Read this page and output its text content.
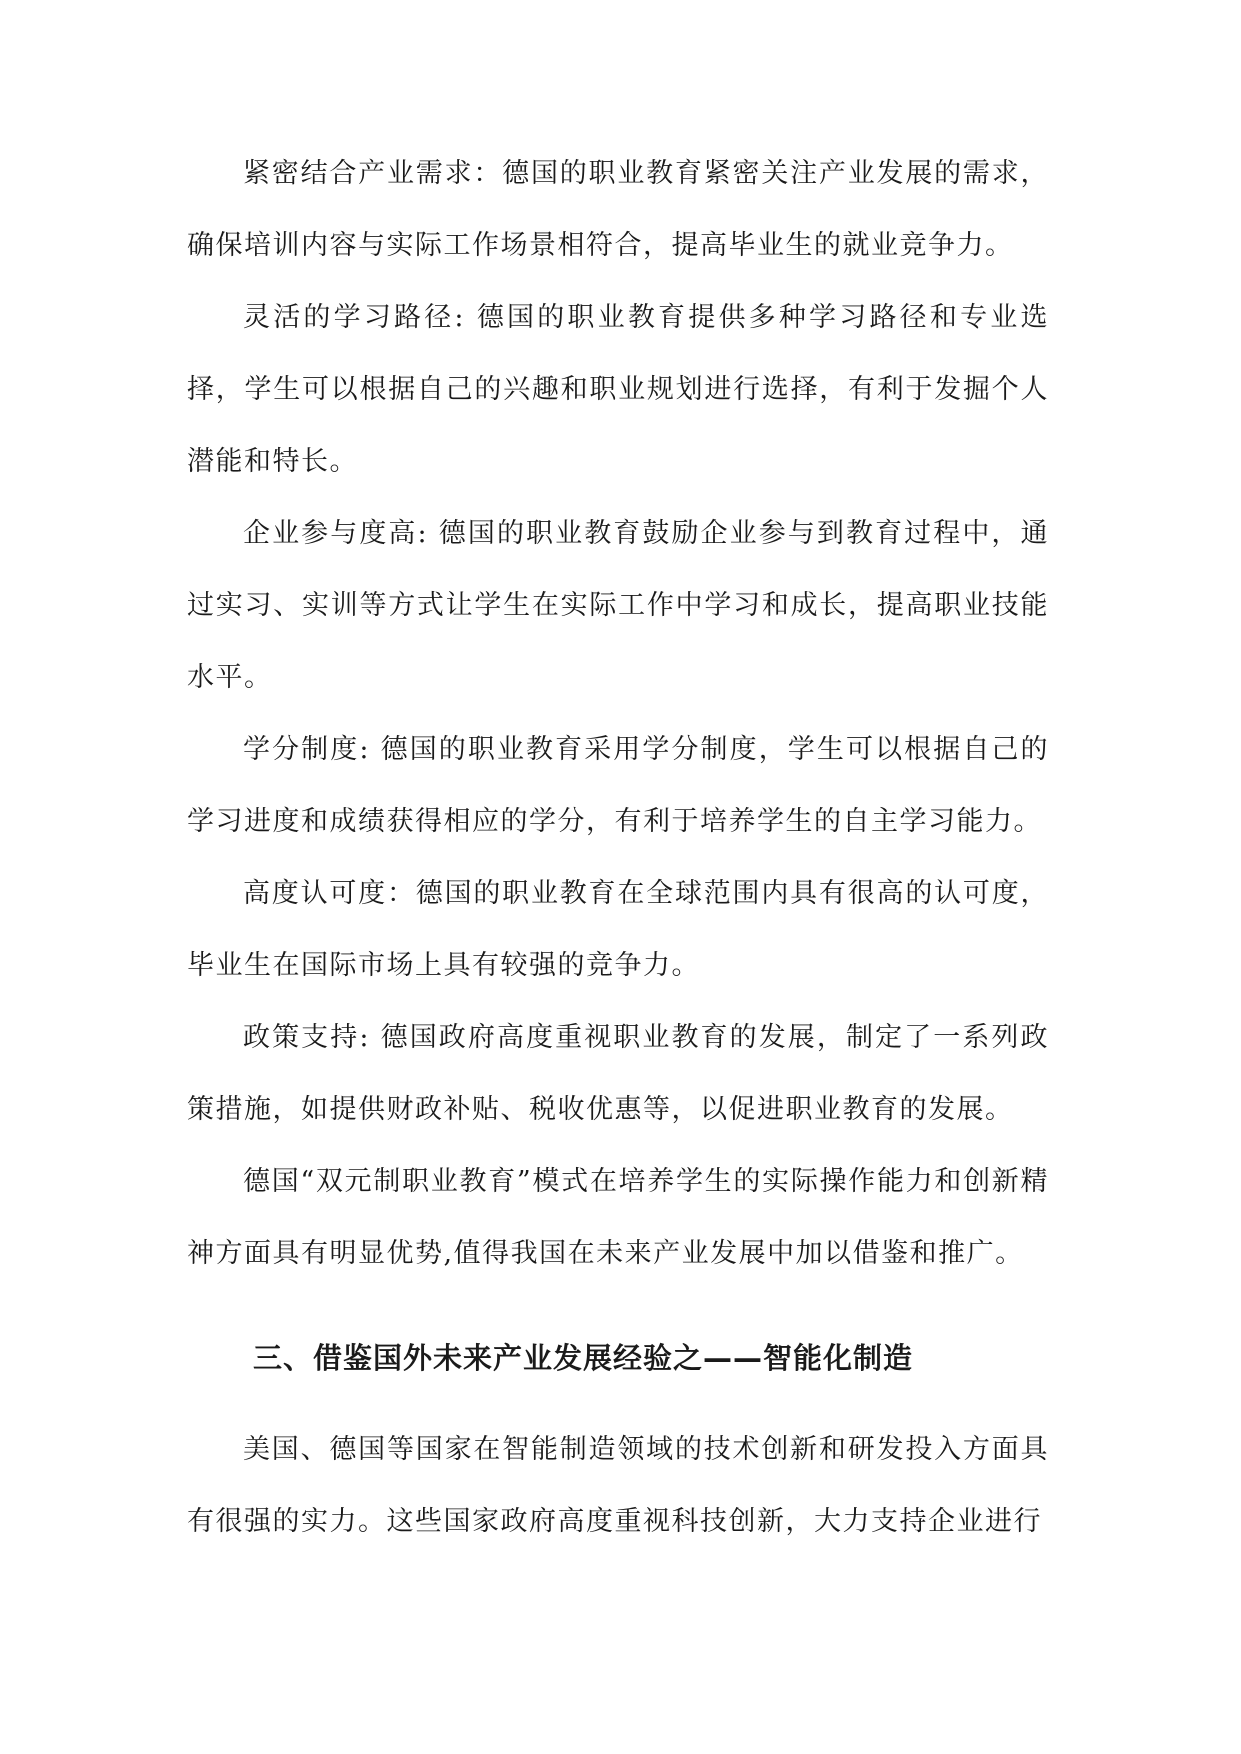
紧密结合产业需求：德国的职业教育紧密关注产业发展的需求，确保培训内容与实际工作场景相符合，提高毕业生的就业竞争力。

灵活的学习路径: 德国的职业教育提供多种学习路径和专业选择，学生可以根据自己的兴趣和职业规划进行选择，有利于发掘个人潜能和特长。

企业参与度高: 德国的职业教育鼓励企业参与到教育过程中，通过实习、实训等方式让学生在实际工作中学习和成长，提高职业技能水平。

学分制度: 德国的职业教育采用学分制度，学生可以根据自己的学习进度和成绩获得相应的学分，有利于培养学生的自主学习能力。

高度认可度：德国的职业教育在全球范围内具有很高的认可度，毕业生在国际市场上具有较强的竞争力。

政策支持: 德国政府高度重视职业教育的发展，制定了一系列政策措施，如提供财政补贴、税收优惠等，以促进职业教育的发展。

德国“双元制职业教育”模式在培养学生的实际操作能力和创新精神方面具有明显优势,值得我国在未来产业发展中加以借鉴和推广。

三、借鉴国外未来产业发展经验之——智能化制造

美国、德国等国家在智能制造领域的技术创新和研发投入方面具有很强的实力。这些国家政府高度重视科技创新，大力支持企业进行
